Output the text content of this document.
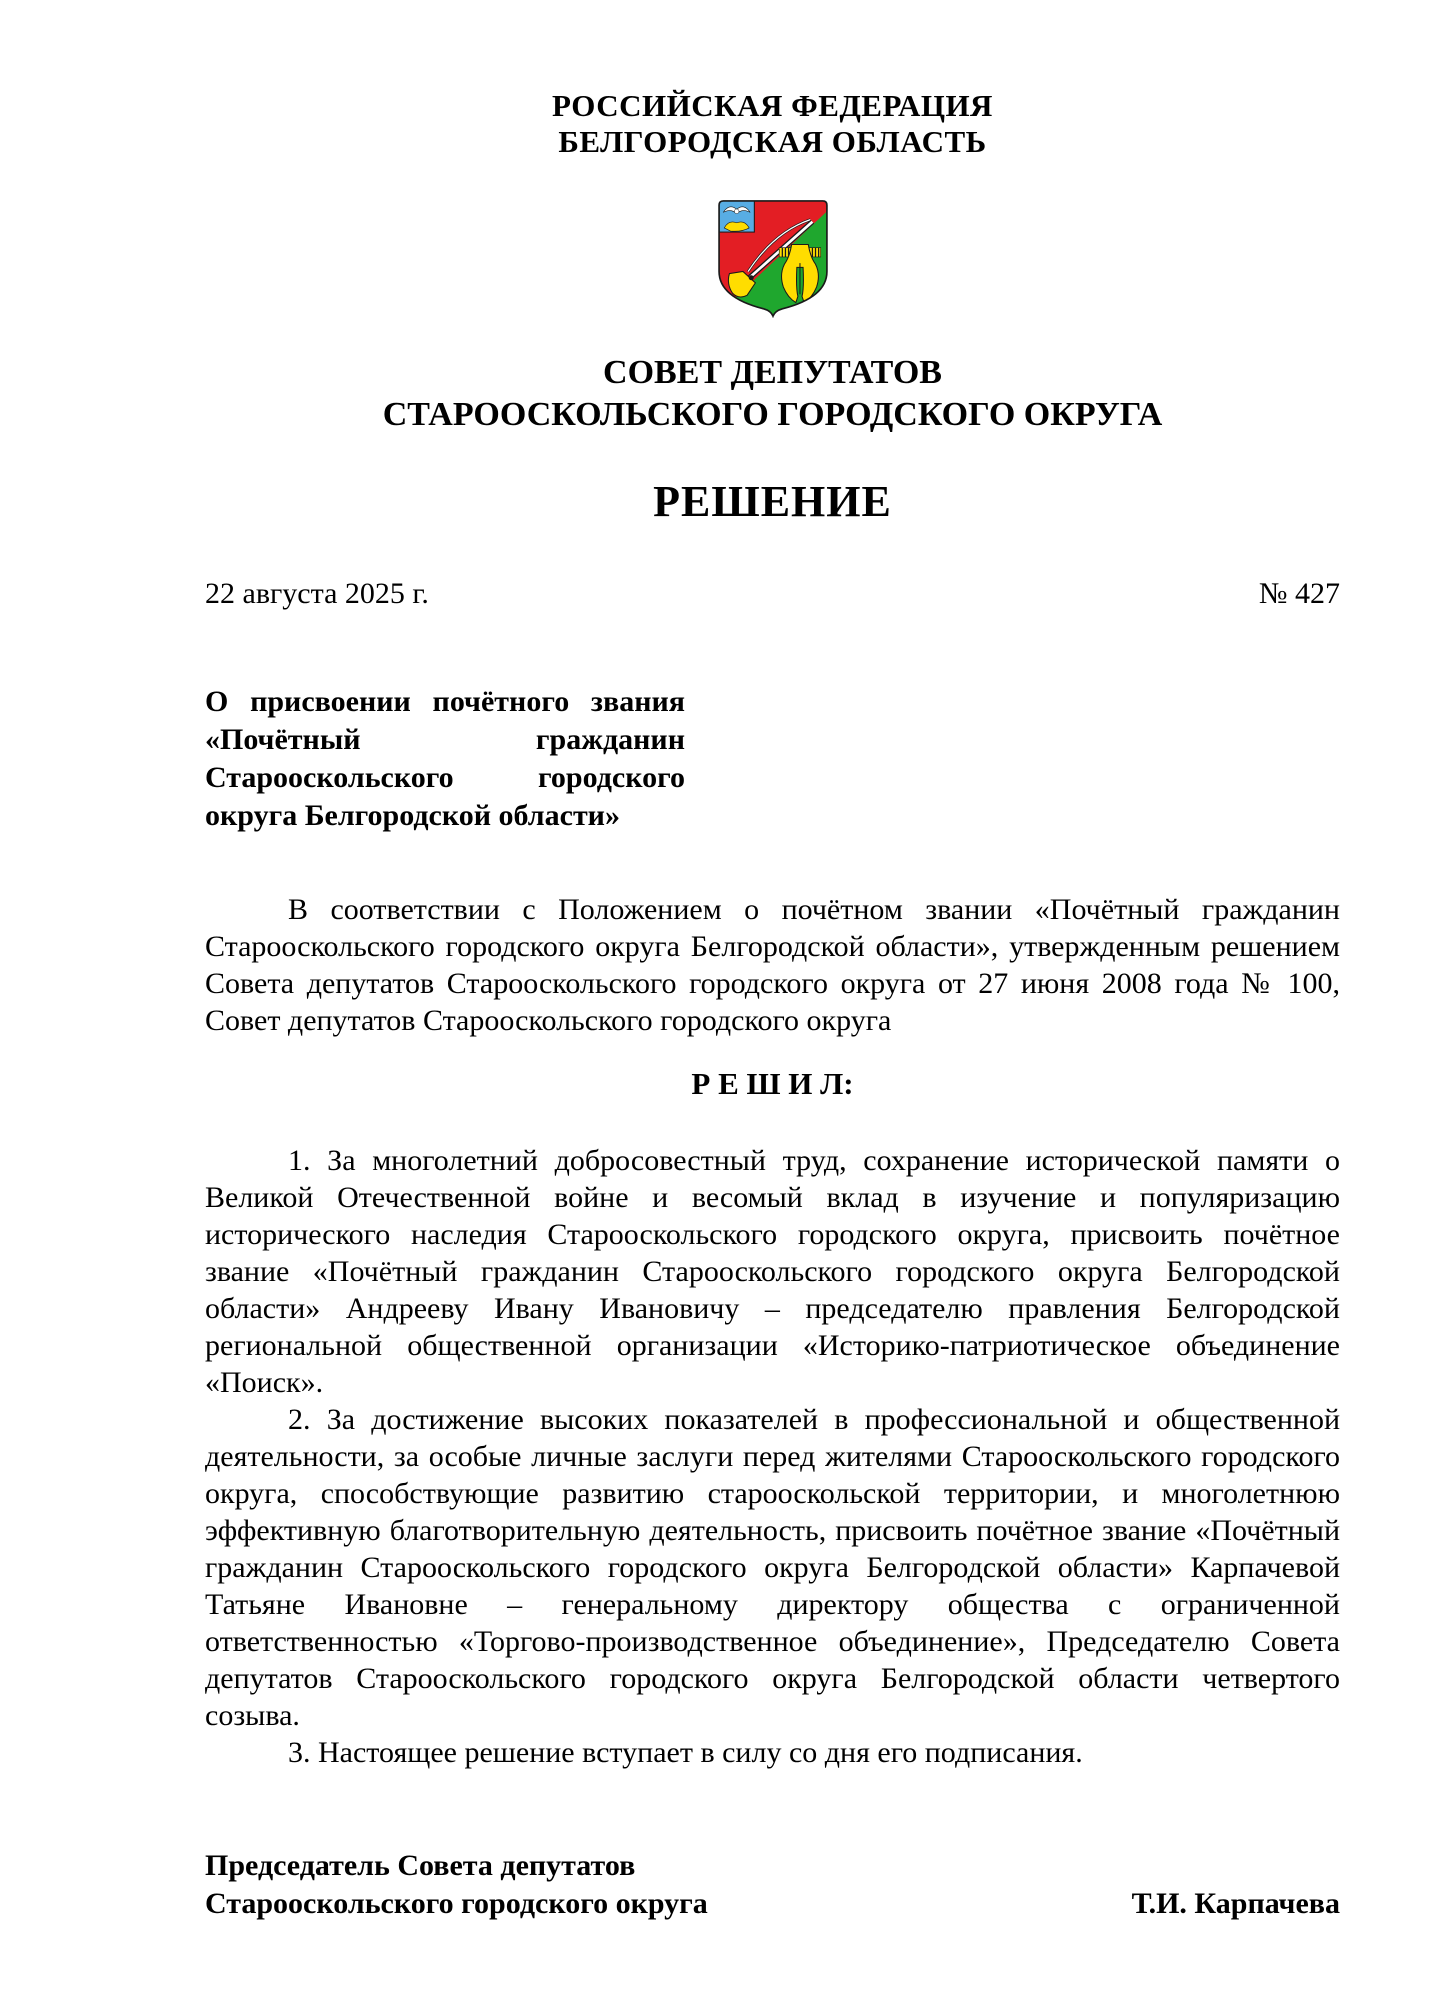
РОССИЙСКАЯ ФЕДЕРАЦИЯ
БЕЛГОРОДСКАЯ ОБЛАСТЬ
СОВЕТ ДЕПУТАТОВ
СТАРООСКОЛЬСКОГО ГОРОДСКОГО ОКРУГА
РЕШЕНИЕ
22 августа 2025 г.	№ 427
О присвоении почётного звания «Почётный гражданин Старооскольского городского округа Белгородской области»
В соответствии с Положением о почётном звании «Почётный гражданин Старооскольского городского округа Белгородской области», утвержденным решением Совета депутатов Старооскольского городского округа от 27 июня 2008 года № 100, Совет депутатов Старооскольского городского округа
Р Е Ш И Л:

1. За многолетний добросовестный труд, сохранение исторической памяти о Великой Отечественной войне и весомый вклад в изучение и популяризацию исторического наследия Старооскольского городского округа, присвоить почётное звание «Почётный гражданин Старооскольского городского округа Белгородской области» Андрееву Ивану Ивановичу – председателю правления Белгородской региональной общественной организации «Историко-патриотическое объединение «Поиск».

2. За достижение высоких показателей в профессиональной и общественной деятельности, за особые личные заслуги перед жителями Старооскольского городского округа, способствующие развитию старооскольской территории, и многолетнюю эффективную благотворительную деятельность, присвоить почётное звание «Почётный гражданин Старооскольского городского округа Белгородской области» Карпачевой Татьяне Ивановне – генеральному директору общества с ограниченной ответственностью «Торгово-производственное объединение», Председателю Совета депутатов Старооскольского городского округа Белгородской области четвертого созыва.

3. Настоящее решение вступает в силу со дня его подписания.

Председатель Совета депутатов
Старооскольского городского округа	Т.И. Карпачева
